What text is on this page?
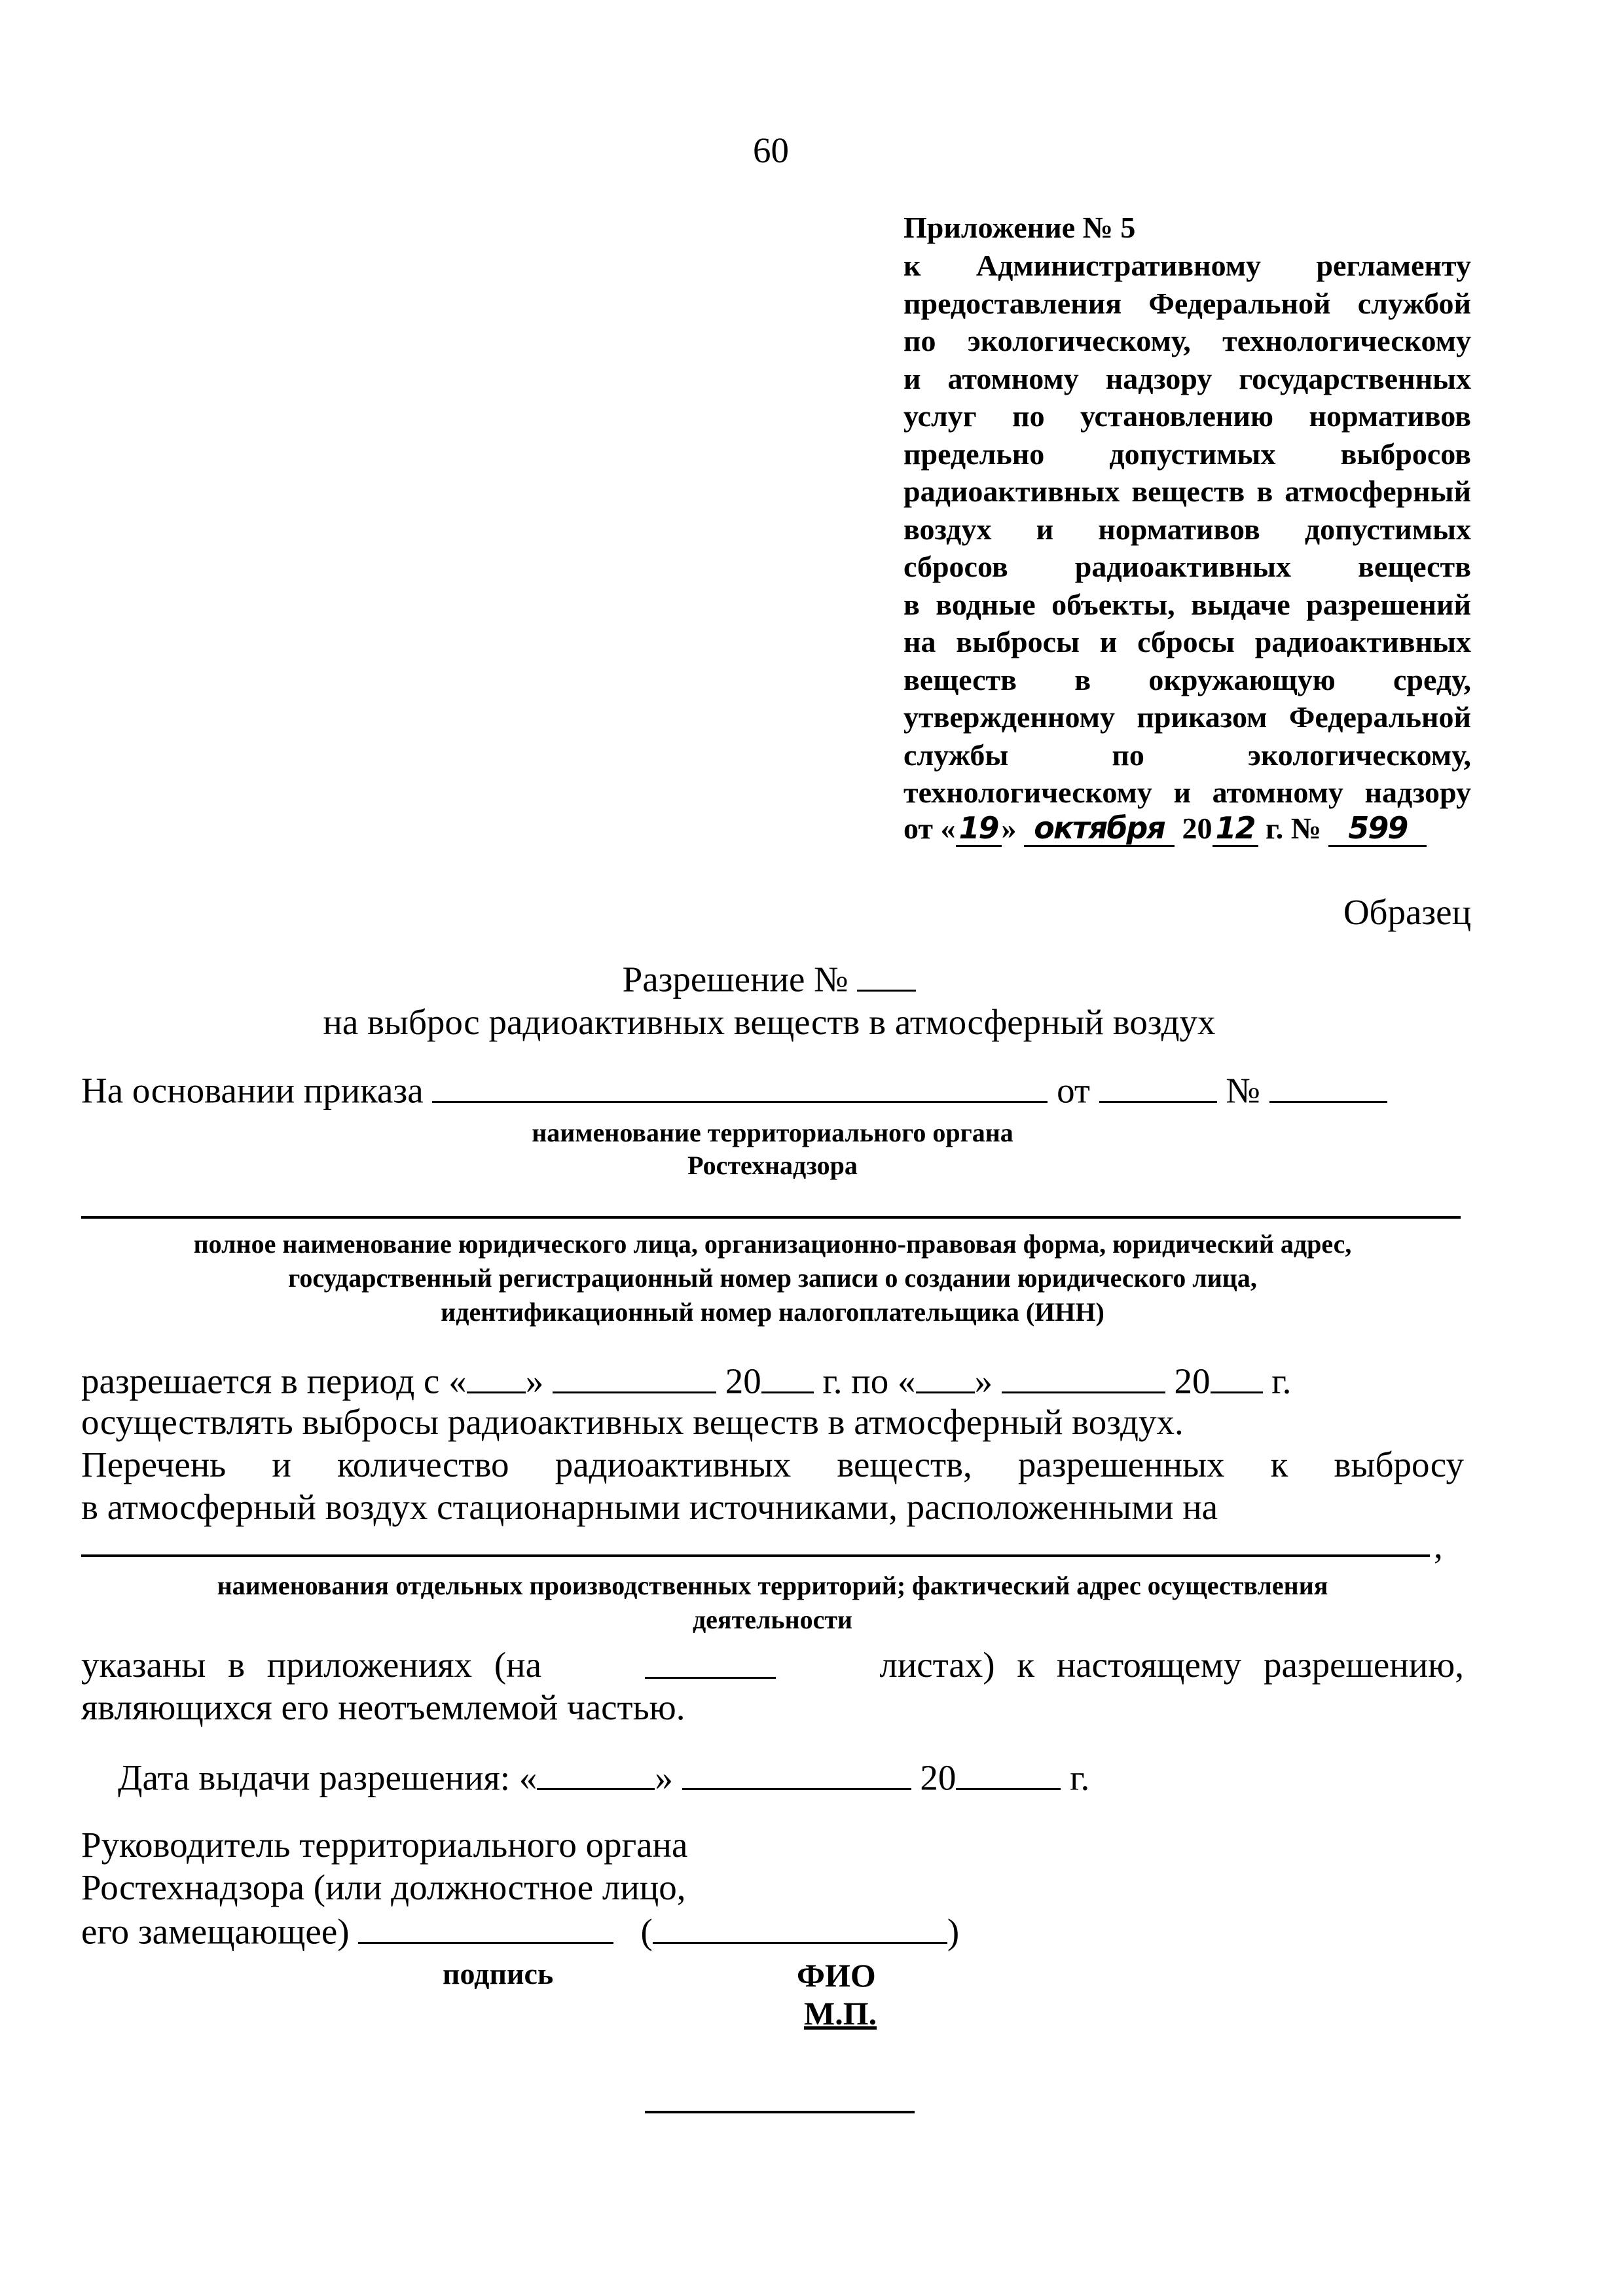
60
Приложение № 5
к Административному регламенту
предоставления Федеральной службой
по экологическому, технологическому
и атомному надзору государственных
услуг по установлению нормативов
предельно допустимых выбросов
радиоактивных веществ в атмосферный
воздух и нормативов допустимых
сбросов радиоактивных веществ
в водные объекты, выдаче разрешений
на выбросы и сбросы радиоактивных
веществ в окружающую среду,
утвержденному приказом Федеральной
службы по экологическому,
технологическому и атомному надзору
от « 19 » октября 20 12 г. № 599
Образец
Разрешение №
на выброс радиоактивных веществ в атмосферный воздух
На основании приказа	от	№
наименование территориального органа
Ростехнадзора
полное наименование юридического лица, организационно-правовая форма, юридический адрес,
государственный регистрационный номер записи о создании юридического лица,
идентификационный номер налогоплательщика (ИНН)
разрешается в период с « »	20 г. по « »	20 г.
осуществлять выбросы радиоактивных веществ в атмосферный воздух.
Перечень и количество радиоактивных веществ, разрешенных к выбросу
в атмосферный воздух стационарными источниками, расположенными на
,
наименования отдельных производственных территорий; фактический адрес осуществления
деятельности
указаны в приложениях (на	листах) к настоящему разрешению,
являющихся его неотъемлемой частью.
Дата выдачи разрешения: «	»	20	г.
Руководитель территориального органа
Ростехнадзора (или должностное лицо,
его замещающее)	(	)
подпись	ФИО
М.П.
